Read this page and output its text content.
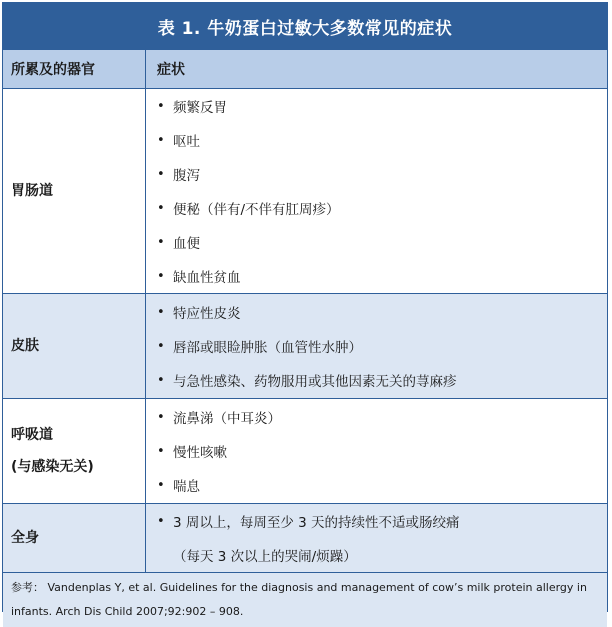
表 1. 牛奶蛋白过敏大多数常见的症状
所累及的器官	症状
胃肠道
• 频繁反胃
• 呕吐
• 腹泻
• 便秘（伴有/不伴有肛周疹）
• 血便
• 缺血性贫血
皮肤
• 特应性皮炎
• 唇部或眼睑肿胀（血管性水肿）
• 与急性感染、药物服用或其他因素无关的荨麻疹
呼吸道
(与感染无关)
• 流鼻涕（中耳炎）
• 慢性咳嗽
• 喘息
全身
• 3 周以上，每周至少 3 天的持续性不适或肠绞痛
（每天 3 次以上的哭闹/烦躁）
参考： Vandenplas Y, et al. Guidelines for the diagnosis and management of cow’s milk protein allergy in
infants. Arch Dis Child 2007;92:902 – 908.
